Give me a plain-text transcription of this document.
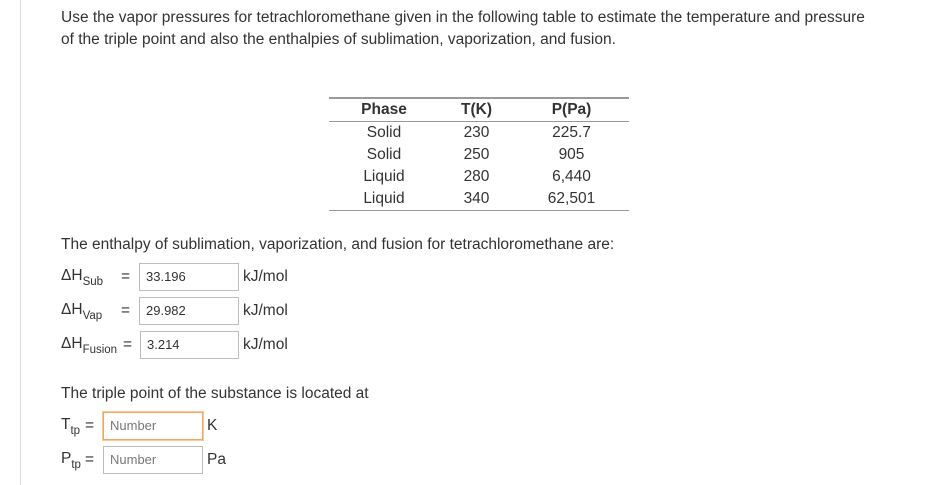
Use the vapor pressures for tetrachloromethane given in the following table to estimate the temperature and pressure

of the triple point and also the enthalpies of sublimation, vaporization, and fusion.

Phase	T(K)	P(Pa)
Solid	230	225.7
Solid	250	905
Liquid	280	6,440
Liquid	340	62,501
The enthalpy of sublimation, vaporization, and fusion for tetrachloromethane are:
$\Delta H_{Sub}$	=	33.196	kJ/mol
$\Delta H_{Vap}$	=	29.982	kJ/mol
$\Delta H_{Fusion}$ =	3.214	kJ/mol
The triple point of the substance is located at
$T_{tp}$ =	Number	K
$P_{tp}$ =	Number	Pa
